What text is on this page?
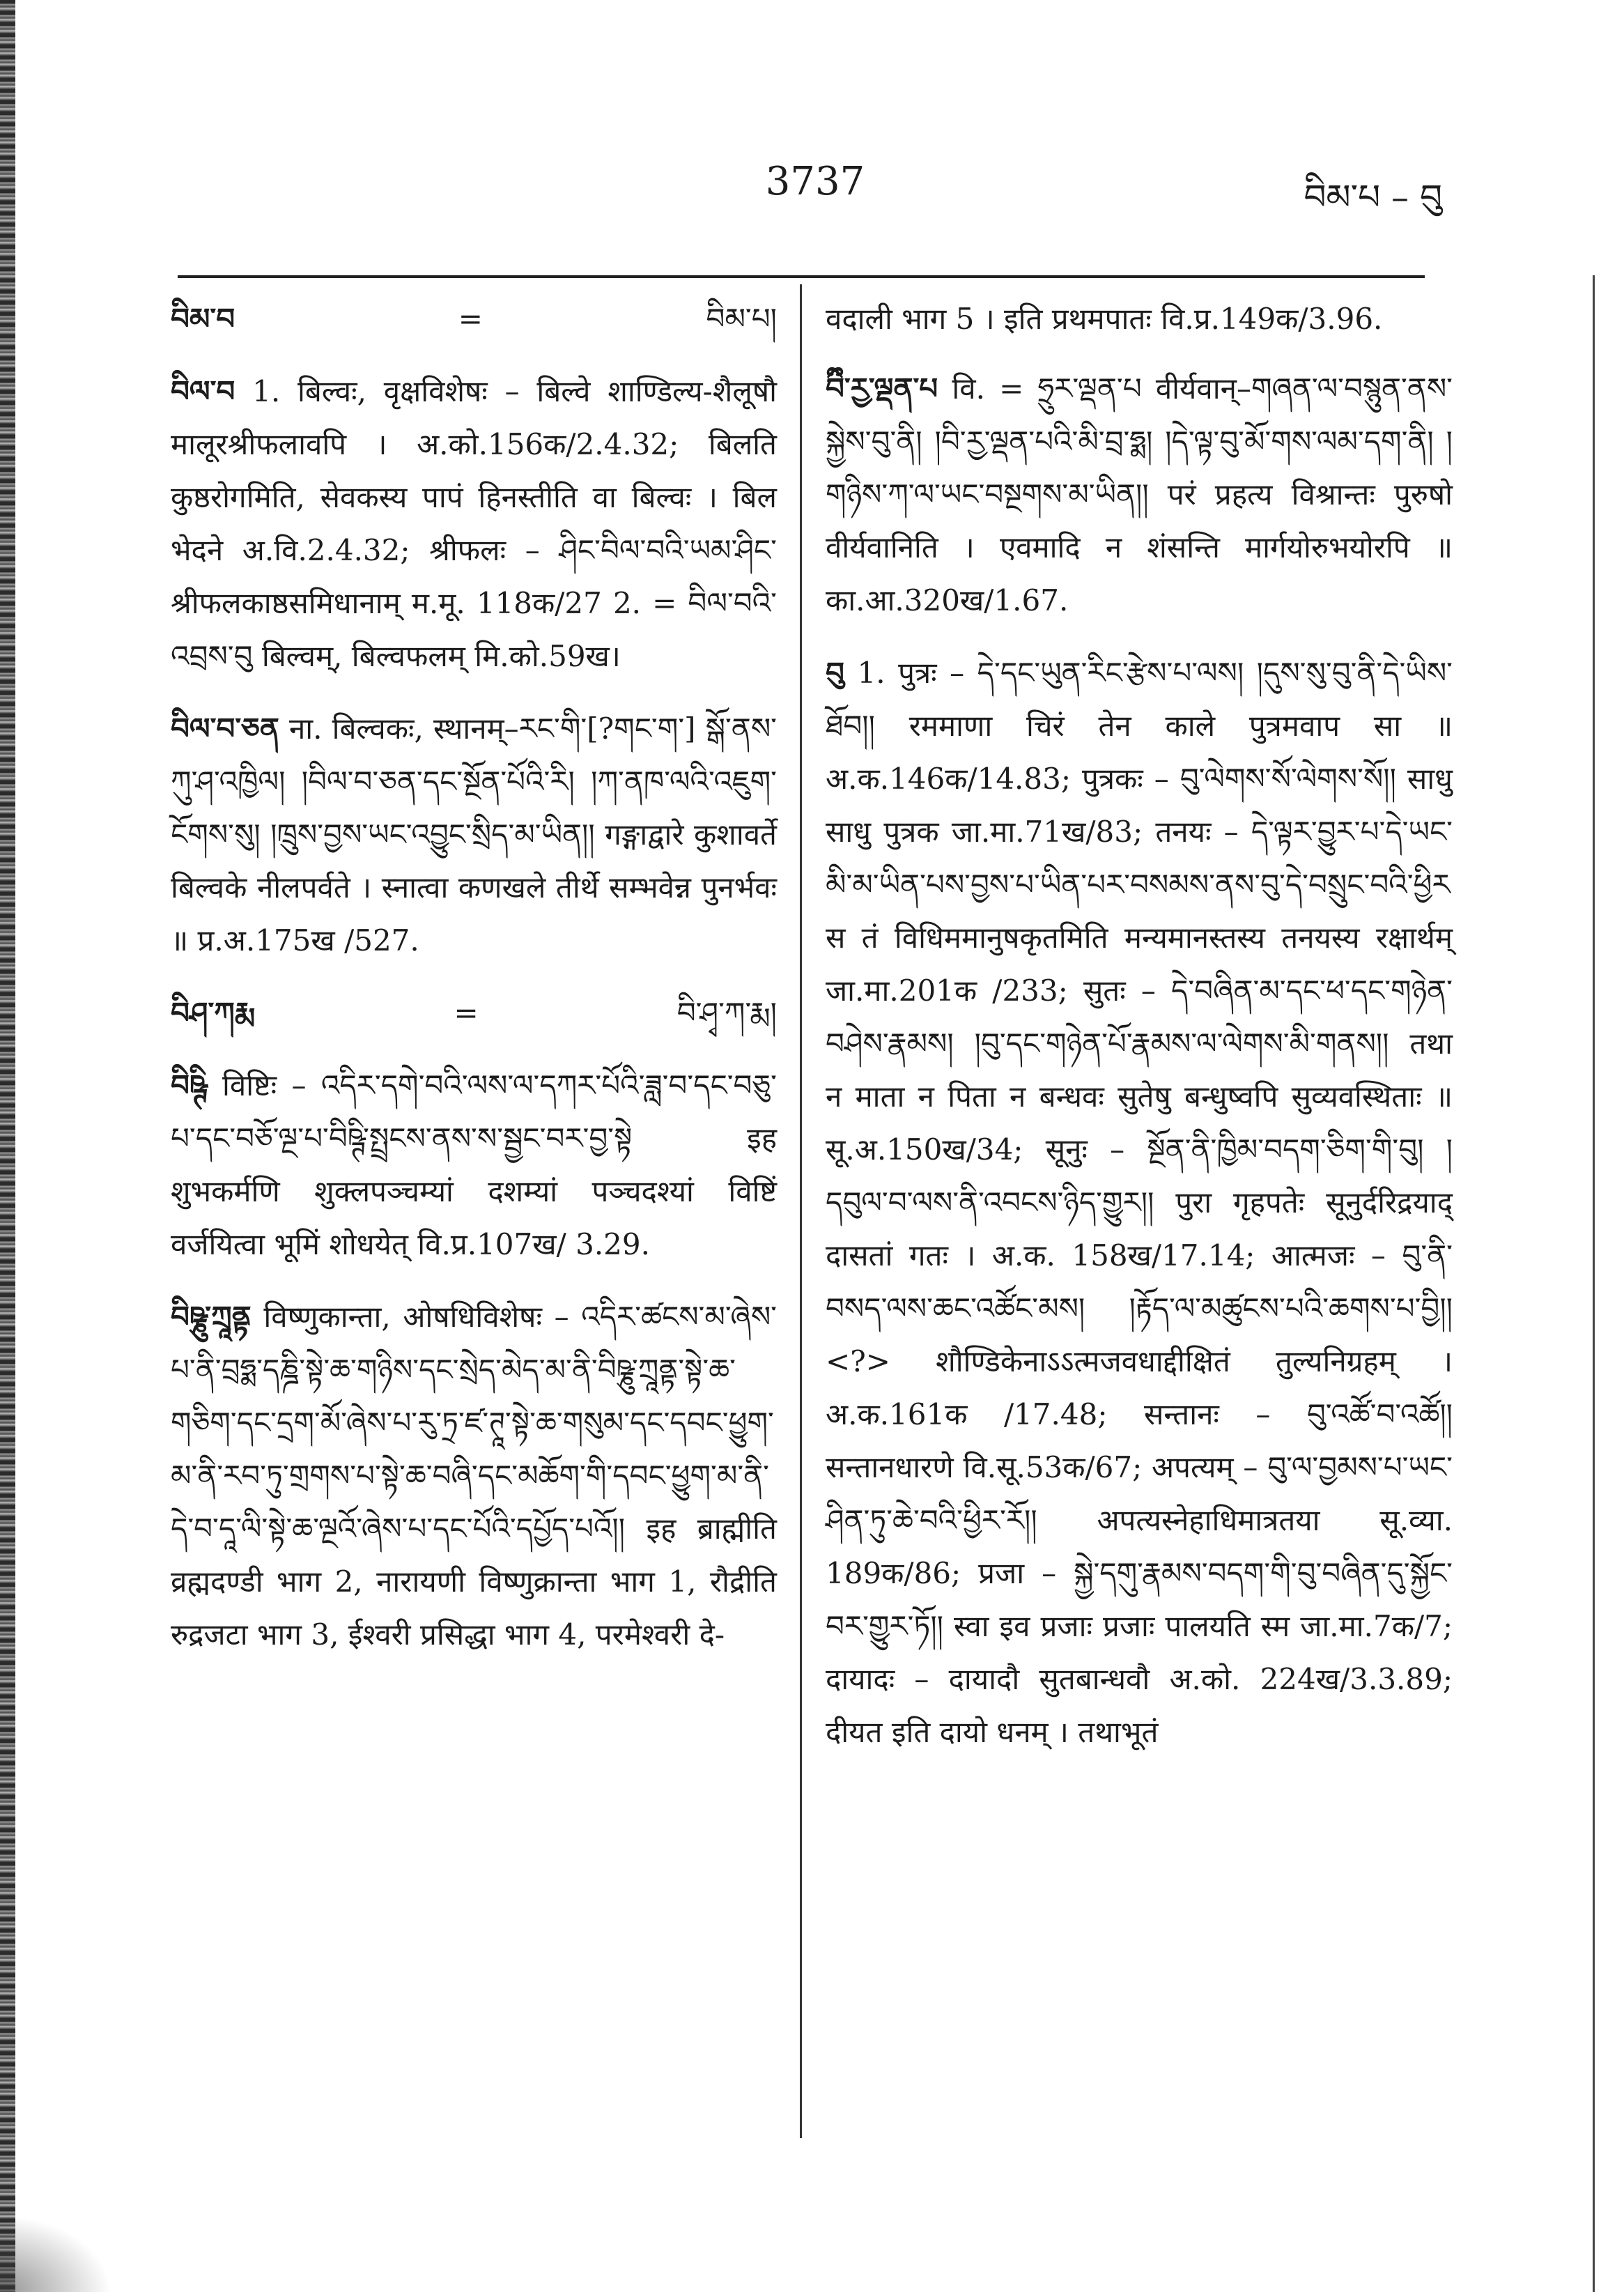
3737	བིམ་པ – བུ
བིམ་བ	=	བིམ་པ།
བིལ་བ 1. बिल्वः, वृक्षविशेषः – बिल्वे शाण्डिल्य-शैलूषौ मालूरश्रीफलावपि । अ.को.156क/2.4.32; बिलति कुष्ठरोगमिति, सेवकस्य पापं हिनस्तीति वा बिल्वः । बिल भेदने अ.वि.2.4.32; श्रीफलः – ཤིང་བིལ་བའི་ཡམ་ཤིང་ श्रीफलकाष्ठसमिधानाम् म.मू. 118क/27 2. = བིལ་བའི་འབྲས་བུ बिल्वम्, बिल्वफलम् मि.को.59ख।
བིལ་བ་ཅན ना. बिल्वकः, स्थानम्–རང་གི་[?གང་ག་] སྒོ་ནས་ཀུ་ཤ་འཁྱིལ། །བིལ་བ་ཅན་དང་སྔོན་པོའི་རི། །ཀ་ནཁ་ལའི་འཇུག་ངོགས་སུ། །ཁྲུས་བྱས་ཡང་འབྱུང་སྲིད་མ་ཡིན།། गङ्गाद्वारे कुशावर्ते बिल्वके नीलपर्वते । स्नात्वा कणखले तीर्थे सम्भवेन्न पुनर्भवः ॥ प्र.अ.175ख /527.
བིཤ་ཀརྨ	=	བི་ཤྭ་ཀ་རྨ།
བིཥྚི विष्टिः – འདིར་དགེ་བའི་ལས་ལ་དཀར་པོའི་ཟླ་བ་དང་བཅུ་པ་དང་བཅོ་ལྔ་པ་བིཥྚི་སྤྲངས་ནས་ས་སྦྱང་བར་བྱ་སྟེ इह शुभकर्मणि शुक्लपञ्चम्यां दशम्यां पञ्चदश्यां विष्टिं वर्जयित्वा भूमिं शोधयेत् वि.प्र.107ख/ 3.29.
བིཥྞུ་ཀྲཱནྟ विष्णुकान्ता, ओषधिविशेषः – འདིར་ཚངས་མ་ཞེས་པ་ནི་བྲཧྨ་དཎྜི་སྟེ་ཆ་གཉིས་དང་སྲེད་མེད་མ་ནི་བིཥྞུ་ཀྲཱནྟ་སྟེ་ཆ་གཅིག་དང་དྲག་མོ་ཞེས་པ་རུ་ཏྲ་ཛ་ཊཱ་སྟེ་ཆ་གསུམ་དང་དབང་ཕྱུག་མ་ནི་རབ་ཏུ་གྲགས་པ་སྟེ་ཆ་བཞི་དང་མཆོག་གི་དབང་ཕྱུག་མ་ནི་དེ་བ་དཱ་ལི་སྟེ་ཆ་ལྔའོ་ཞེས་པ་དང་པོའི་དཔྱོད་པའོ།། इह ब्राह्मीति व्रह्मदण्डी भाग 2, नारायणी विष्णुक्रान्ता भाग 1, रौद्रीति रुद्रजटा भाग 3, ईश्वरी प्रसिद्धा भाग 4, परमेश्वरी दे-
वदाली भाग 5 । इति प्रथमपातः वि.प्र.149क/3.96.
བྀི་རྱ་ལྡན་པ वि. = ཧྲུར་ལྡན་པ वीर्यवान्–གཞན་ལ་བསྙུན་ནས་སྐྱེས་བུ་ནི། །བི་རྱ་ལྡན་པའི་མི་བྲ་ཧྨ། །དེ་ལྟ་བུ་མོ་གས་ལམ་དག་ནི། །གཉིས་ཀ་ལ་ཡང་བསྔགས་མ་ཡིན།། परं प्रहत्य विश्रान्तः पुरुषो वीर्यवानिति । एवमादि न शंसन्ति मार्गयोरुभयोरपि ॥ का.आ.320ख/1.67.
བུ 1. पुत्रः – དེ་དང་ཡུན་རིང་རྩེས་པ་ལས། །དུས་སུ་བུ་ནི་དེ་ཡིས་ཐོབ།། रममाणा चिरं तेन काले पुत्रमवाप सा ॥ अ.क.146क/14.83; पुत्रकः – བུ་ལེགས་སོ་ལེགས་སོ།། साधु साधु पुत्रक जा.मा.71ख/83; तनयः – དེ་ལྟར་བྱུར་པ་དེ་ཡང་མི་མ་ཡིན་པས་བྱས་པ་ཡིན་པར་བསམས་ནས་བུ་དེ་བསྲུང་བའི་ཕྱིར स तं विधिममानुषकृतमिति मन्यमानस्तस्य तनयस्य रक्षार्थम् जा.मा.201क /233; सुतः – དེ་བཞིན་མ་དང་ཕ་དང་གཉེན་བཤེས་རྣམས། །བུ་དང་གཉེན་པོ་རྣམས་ལ་ལེགས་མི་གནས།། तथा न माता न पिता न बन्धवः सुतेषु बन्धुष्वपि सुव्यवस्थिताः ॥ सू.अ.150ख/34; सूनुः – སྔོན་ནི་ཁྱིམ་བདག་ཅིག་གི་བུ། །དབུལ་བ་ལས་ནི་འབངས་ཉིད་གྱུར།། पुरा गृहपतेः सूनुर्दरिद्रयाद् दासतां गतः । अ.क. 158ख/17.14; आत्मजः – བུ་ནི་བསད་ལས་ཆང་འཚོང་མས། །རྟོད་ལ་མཚུངས་པའི་ཆགས་པ་བྱི།། <?> शौण्डिकेनाऽऽत्मजवधाद्दीक्षितं तुल्यनिग्रहम् । अ.क.161क /17.48; सन्तानः – བུ་འཚོ་བ་འཚོ།། सन्तानधारणे वि.सू.53क/67; अपत्यम् – བུ་ལ་བྱམས་པ་ཡང་ཤིན་ཏུ་ཆེ་བའི་ཕྱིར་རོ།། अपत्यस्नेहाधिमात्रतया सू.व्या. 189क/86; प्रजा – སྐྱེ་དགུ་རྣམས་བདག་གི་བུ་བཞིན་དུ་སྐྱོང་བར་གྱུར་ཏོ།། स्वा इव प्रजाः प्रजाः पालयति स्म जा.मा.7क/7; दायादः – दायादौ सुतबान्धवौ अ.को. 224ख/3.3.89; दीयत इति दायो धनम् । तथाभूतं
